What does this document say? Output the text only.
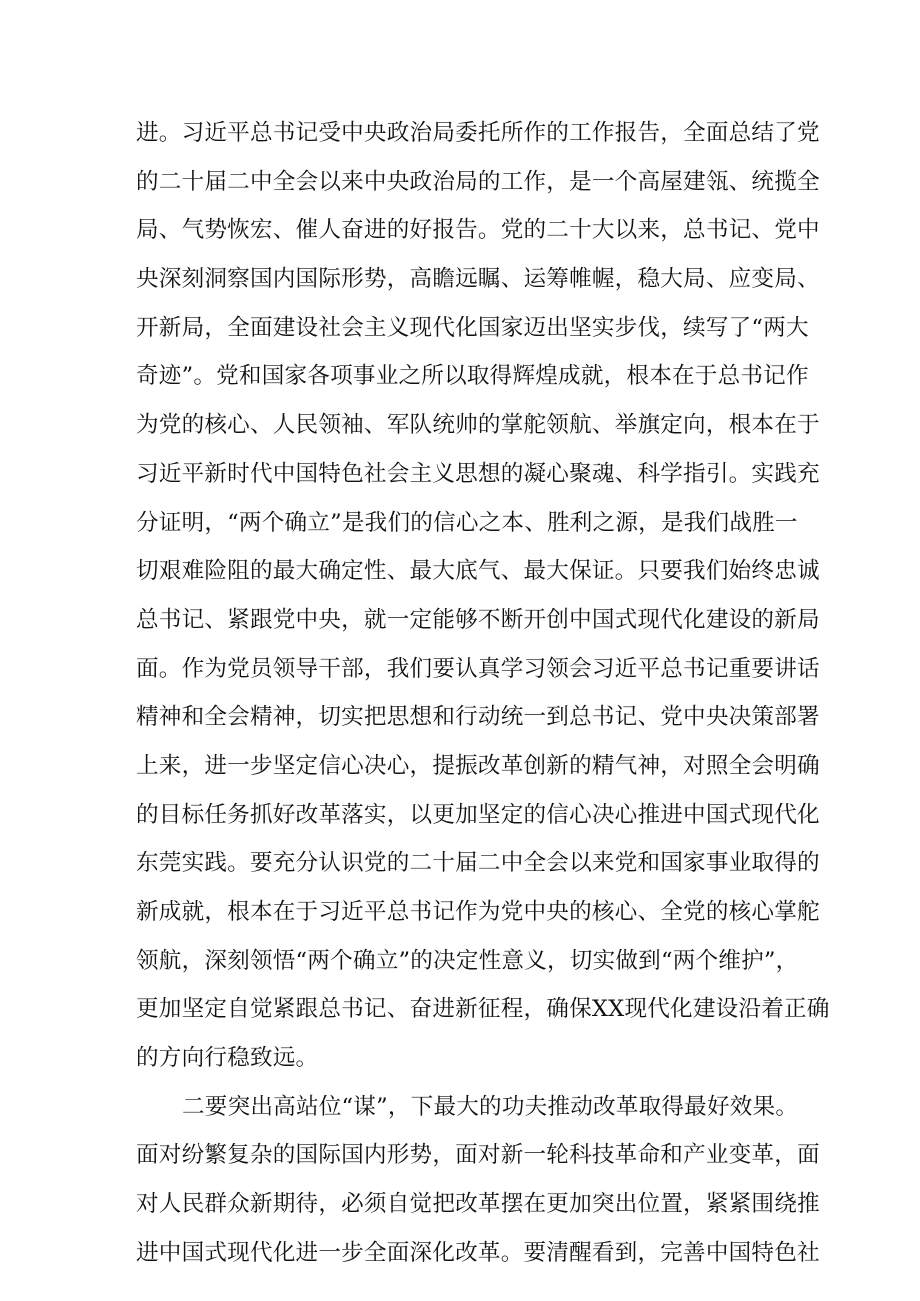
进。习近平总书记受中央政治局委托所作的工作报告，全面总结了党
的二十届二中全会以来中央政治局的工作，是一个高屋建瓴、统揽全
局、气势恢宏、催人奋进的好报告。党的二十大以来，总书记、党中
央深刻洞察国内国际形势，高瞻远瞩、运筹帷幄，稳大局、应变局、
开新局，全面建设社会主义现代化国家迈出坚实步伐，续写了“两大
奇迹”。党和国家各项事业之所以取得辉煌成就，根本在于总书记作
为党的核心、人民领袖、军队统帅的掌舵领航、举旗定向，根本在于
习近平新时代中国特色社会主义思想的凝心聚魂、科学指引。实践充
分证明，“两个确立”是我们的信心之本、胜利之源，是我们战胜一
切艰难险阻的最大确定性、最大底气、最大保证。只要我们始终忠诚
总书记、紧跟党中央，就一定能够不断开创中国式现代化建设的新局
面。作为党员领导干部，我们要认真学习领会习近平总书记重要讲话
精神和全会精神，切实把思想和行动统一到总书记、党中央决策部署
上来，进一步坚定信心决心，提振改革创新的精气神，对照全会明确
的目标任务抓好改革落实，以更加坚定的信心决心推进中国式现代化
东莞实践。要充分认识党的二十届二中全会以来党和国家事业取得的
新成就，根本在于习近平总书记作为党中央的核心、全党的核心掌舵
领航，深刻领悟“两个确立”的决定性意义，切实做到“两个维护”，
更加坚定自觉紧跟总书记、奋进新征程，确保XX现代化建设沿着正确
的方向行稳致远。
二要突出高站位“谋”，下最大的功夫推动改革取得最好效果。
面对纷繁复杂的国际国内形势，面对新一轮科技革命和产业变革，面
对人民群众新期待，必须自觉把改革摆在更加突出位置，紧紧围绕推
进中国式现代化进一步全面深化改革。要清醒看到，完善中国特色社
